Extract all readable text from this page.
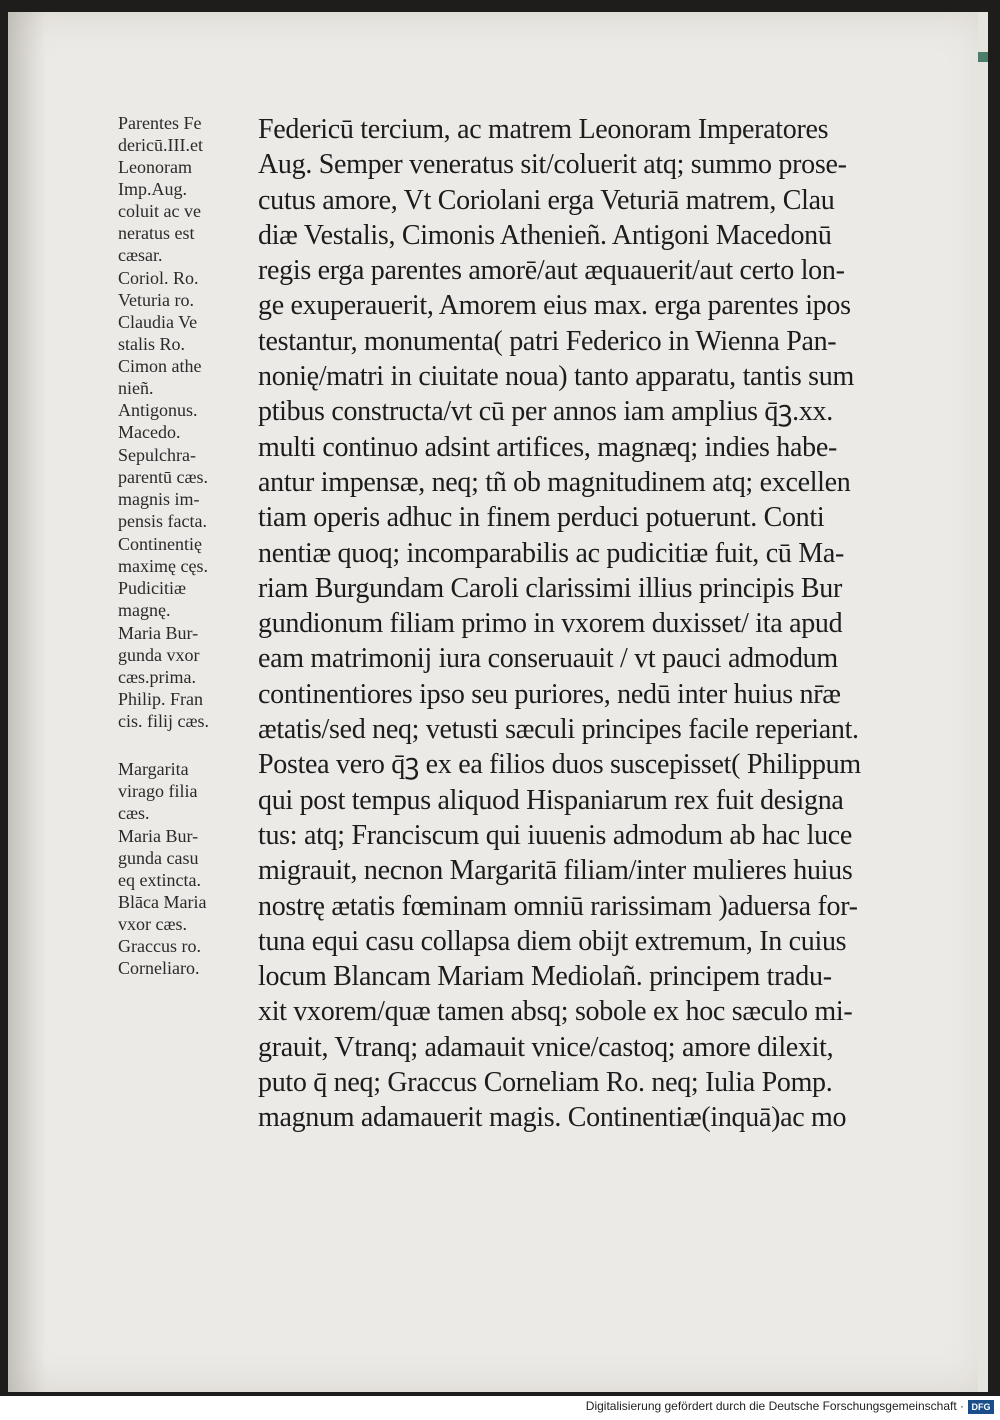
Parentes Fe
dericū.III.et
Leonoram
Imp.Aug.
coluit ac ve
neratus est
cæsar.
Coriol. Ro.
Veturia ro.
Claudia Ve
stalis Ro.
Cimon athe
nieñ.
Antigonus.
Macedo.
Sepulchra-
parentū cæs.
magnis im-
pensis facta.
Continentię
maximę cęs.
Pudicitiæ
magnę.
Maria Bur-
gunda vxor
cæs.prima.
Philip. Fran
cis. filij cæs.
Margarita
virago filia
cæs.
Maria Bur-
gunda casu
eq extincta.
Blāca Maria
vxor cæs.
Graccus ro.
Corneliaro.
Federicū tercium, ac matrem Leonoram Imperatores
Aug. Semper veneratus sit/coluerit atq; summo prose-
cutus amore, Vt Coriolani erga Veturiā matrem, Clau
diæ Vestalis, Cimonis Athenieñ. Antigoni Macedonū
regis erga parentes amorē/aut æquauerit/aut certo lon-
ge exuperauerit, Amorem eius max. erga parentes ipos
testantur, monumenta( patri Federico in Wienna Pan-
nonię/matri in ciuitate noua) tanto apparatu, tantis sum
ptibus constructa/vt cū per annos iam amplius q̄ꝫ.xx.
multi continuo adsint artifices, magnæq; indies habe-
antur impensæ, neq; tñ ob magnitudinem atq; excellen
tiam operis adhuc in finem perduci potuerunt. Conti
nentiæ quoq; incomparabilis ac pudicitiæ fuit, cū Ma-
riam Burgundam Caroli clarissimi illius principis Bur
gundionum filiam primo in vxorem duxisset/ ita apud
eam matrimonij iura conseruauit / vt pauci admodum
continentiores ipso seu puriores, nedū inter huius nr̄æ
ætatis/sed neq; vetusti sæculi principes facile reperiant.
Postea vero q̄ꝫ ex ea filios duos suscepisset( Philippum
qui post tempus aliquod Hispaniarum rex fuit designa
tus: atq; Franciscum qui iuuenis admodum ab hac luce
migrauit, necnon Margaritā filiam/inter mulieres huius
nostrę ætatis fœminam omniū rarissimam )aduersa for-
tuna equi casu collapsa diem obijt extremum, In cuius
locum Blancam Mariam Mediolañ. principem tradu-
xit vxorem/quæ tamen absq; sobole ex hoc sæculo mi-
grauit, Vtranq; adamauit vnice/castoq; amore dilexit,
puto q̄ neq; Graccus Corneliam Ro. neq; Iulia Pomp.
magnum adamauerit magis. Continentiæ(inquā)ac mo
Digitalisierung gefördert durch die Deutsche Forschungsgemeinschaft · DFG
